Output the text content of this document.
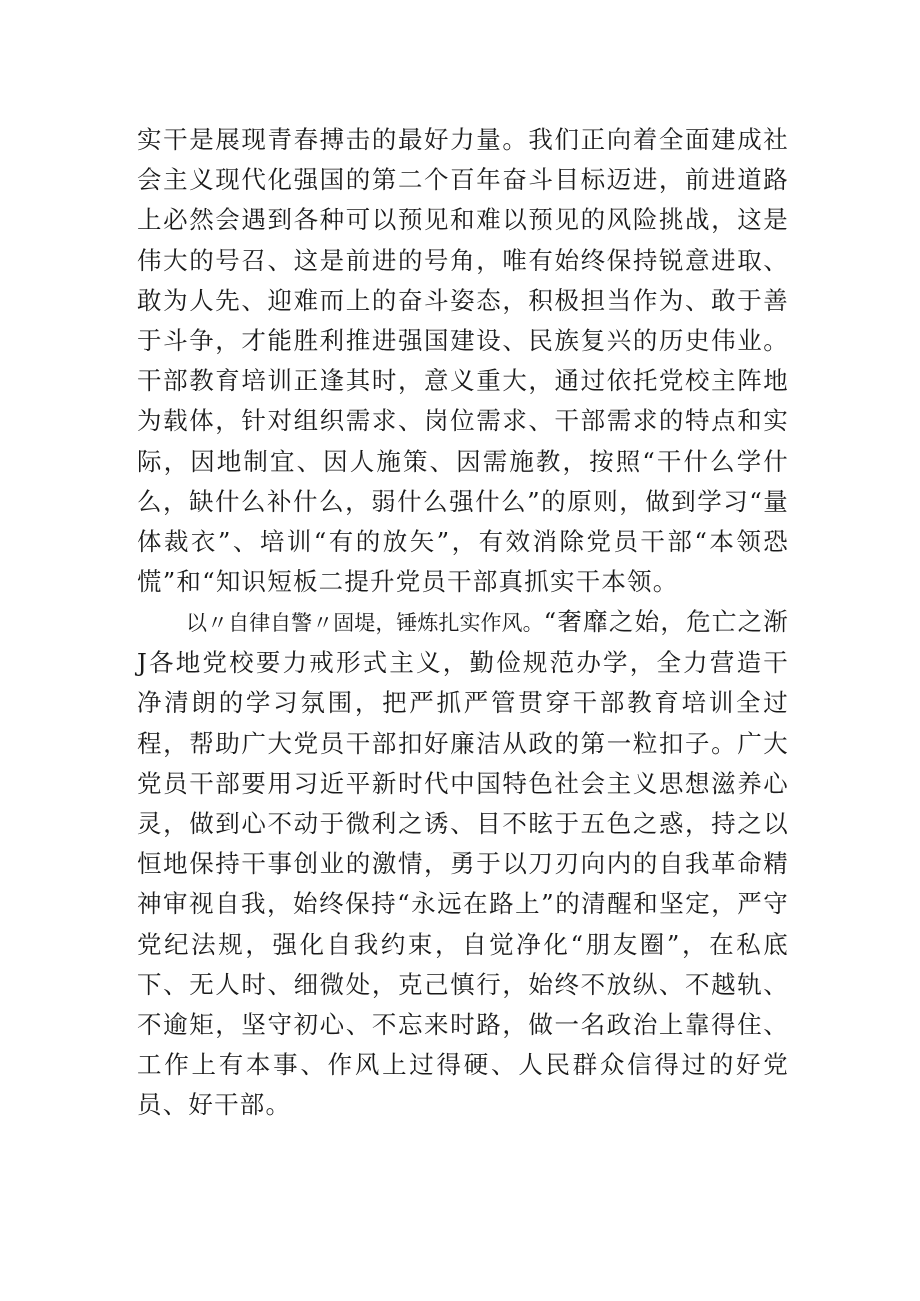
实干是展现青春搏击的最好力量。我们正向着全面建成社会主义现代化强国的第二个百年奋斗目标迈进，前进道路上必然会遇到各种可以预见和难以预见的风险挑战，这是伟大的号召、这是前进的号角，唯有始终保持锐意进取、敢为人先、迎难而上的奋斗姿态，积极担当作为、敢于善于斗争，才能胜利推进强国建设、民族复兴的历史伟业。干部教育培训正逢其时，意义重大，通过依托党校主阵地为载体，针对组织需求、岗位需求、干部需求的特点和实际，因地制宜、因人施策、因需施教，按照“干什么学什么，缺什么补什么，弱什么强什么”的原则，做到学习“量体裁衣”、培训“有的放矢”，有效消除党员干部“本领恐慌”和“知识短板二提升党员干部真抓实干本领。

以〃自律自警〃固堤，锤炼扎实作风。“奢靡之始，危亡之渐J各地党校要力戒形式主义，勤俭规范办学，全力营造干净清朗的学习氛围，把严抓严管贯穿干部教育培训全过程，帮助广大党员干部扣好廉洁从政的第一粒扣子。广大党员干部要用习近平新时代中国特色社会主义思想滋养心灵，做到心不动于微利之诱、目不眩于五色之惑，持之以恒地保持干事创业的激情，勇于以刀刃向内的自我革命精神审视自我，始终保持“永远在路上”的清醒和坚定，严守党纪法规，强化自我约束，自觉净化“朋友圈”，在私底下、无人时、细微处，克己慎行，始终不放纵、不越轨、不逾矩，坚守初心、不忘来时路，做一名政治上靠得住、工作上有本事、作风上过得硬、人民群众信得过的好党员、好干部。
